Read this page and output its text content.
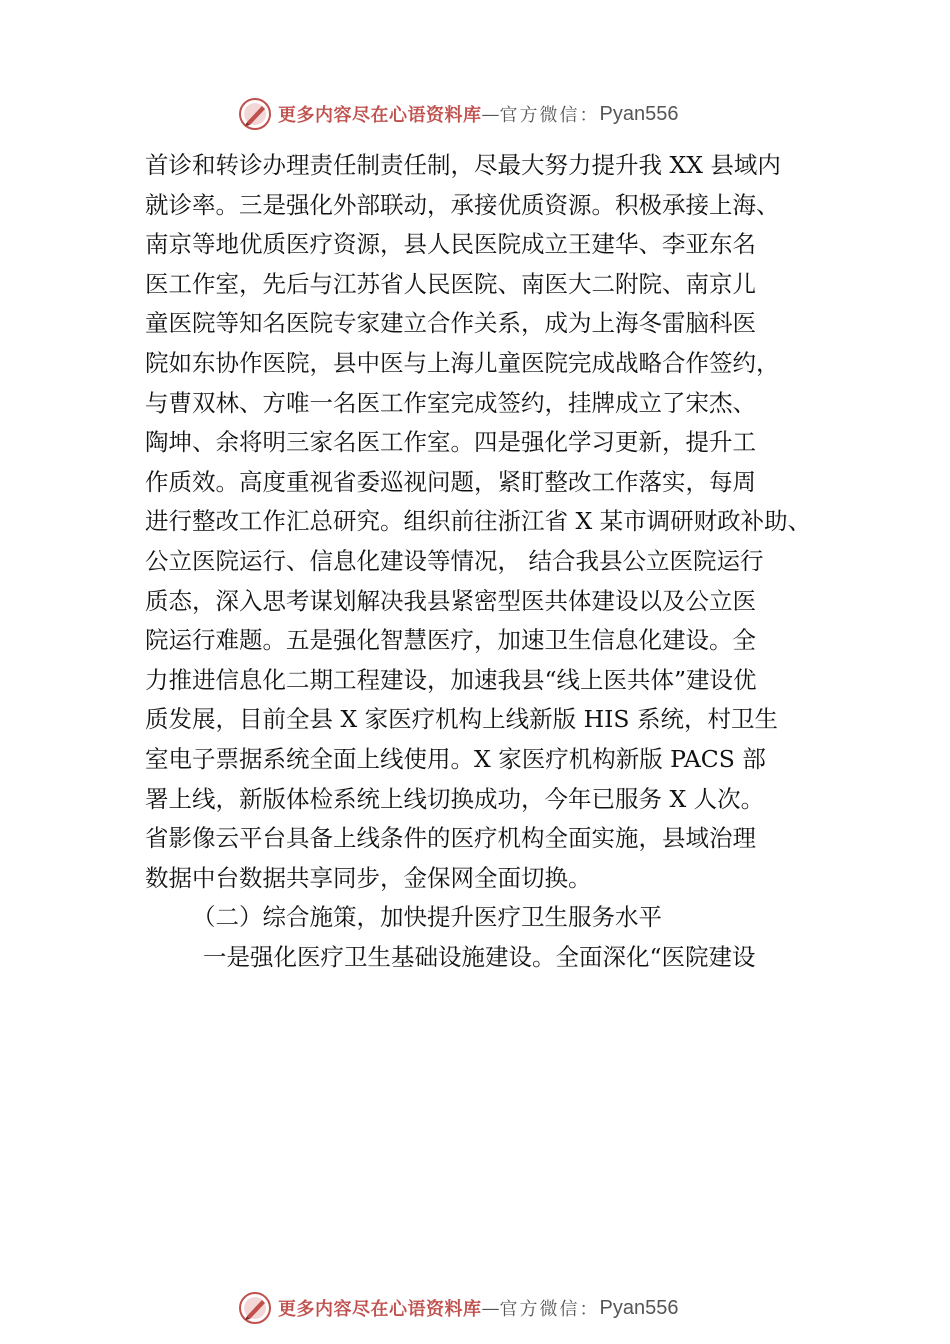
更多内容尽在心语资料库 — 官方微信： Pyan556
首诊和转诊办理责任制责任制，尽最大努力提升我 XX 县域内
就诊率。三是强化外部联动，承接优质资源。积极承接上海、
南京等地优质医疗资源，县人民医院成立王建华、李亚东名
医工作室，先后与江苏省人民医院、南医大二附院、南京儿
童医院等知名医院专家建立合作关系，成为上海冬雷脑科医
院如东协作医院，县中医与上海儿童医院完成战略合作签约，
与曹双林、方唯一名医工作室完成签约，挂牌成立了宋杰、
陶坤、余将明三家名医工作室。四是强化学习更新，提升工
作质效。高度重视省委巡视问题，紧盯整改工作落实，每周
进行整改工作汇总研究。组织前往浙江省 X 某市调研财政补助、
公立医院运行、信息化建设等情况， 结合我县公立医院运行
质态，深入思考谋划解决我县紧密型医共体建设以及公立医
院运行难题。五是强化智慧医疗，加速卫生信息化建设。全
力推进信息化二期工程建设，加速我县“线上医共体”建设优
质发展，目前全县 X 家医疗机构上线新版 HIS 系统，村卫生
室电子票据系统全面上线使用。X 家医疗机构新版 PACS 部
署上线，新版体检系统上线切换成功，今年已服务 X 人次。
省影像云平台具备上线条件的医疗机构全面实施，县域治理
数据中台数据共享同步，金保网全面切换。
（二）综合施策，加快提升医疗卫生服务水平
一是强化医疗卫生基础设施建设。全面深化“医院建设
更多内容尽在心语资料库 — 官方微信： Pyan556
